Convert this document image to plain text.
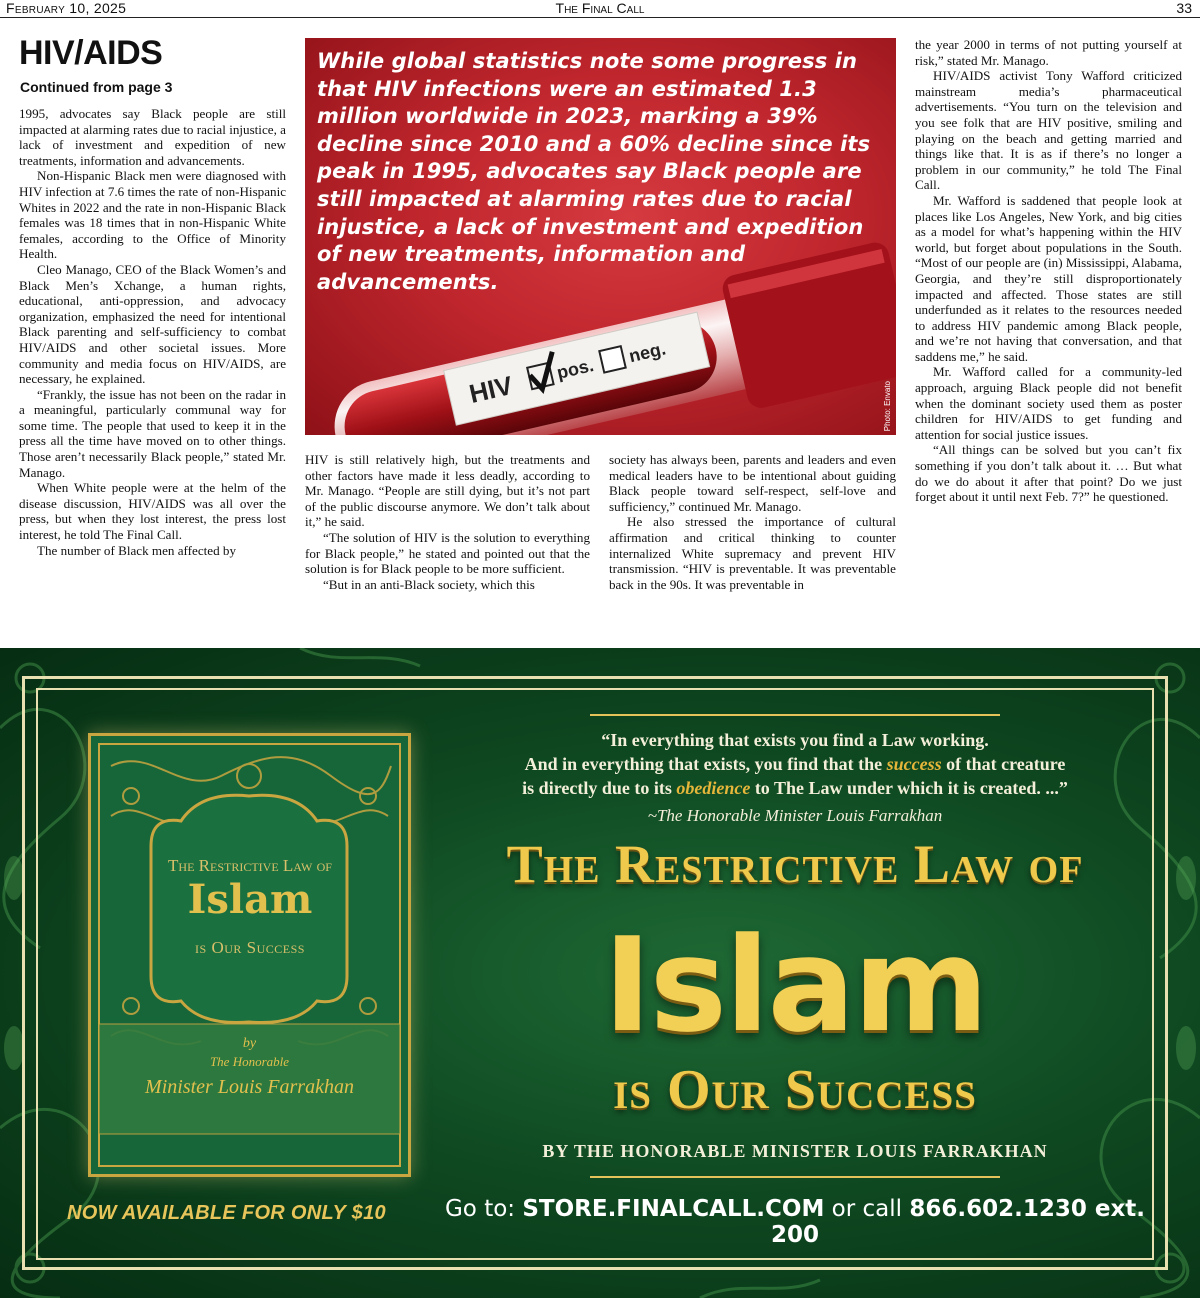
February 10, 2025	The Final Call	33
HIV/AIDS
Continued from page 3

1995, advocates say Black people are still impacted at alarming rates due to racial injustice, a lack of investment and expedition of new treatments, information and advancements.

Non-Hispanic Black men were diagnosed with HIV infection at 7.6 times the rate of non-Hispanic Whites in 2022 and the rate in non-Hispanic Black females was 18 times that in non-Hispanic White females, according to the Office of Minority Health.

Cleo Manago, CEO of the Black Women’s and Black Men’s Xchange, a human rights, educational, anti-oppression, and advocacy organization, emphasized the need for intentional Black parenting and self-sufficiency to combat HIV/AIDS and other societal issues. More community and media focus on HIV/AIDS, are necessary, he explained.

“Frankly, the issue has not been on the radar in a meaningful, particularly communal way for some time. The people that used to keep it in the press all the time have moved on to other things. Those aren’t necessarily Black people,” stated Mr. Manago.

When White people were at the helm of the disease discussion, HIV/AIDS was all over the press, but when they lost interest, the press lost interest, he told The Final Call.

The number of Black men affected by

HIV
pos.
neg.
While global statistics note some progress in that HIV infections were an estimated 1.3 million worldwide in 2023, marking a 39% decline since 2010 and a 60% decline since its peak in 1995, advocates say Black people are still impacted at alarming rates due to racial injustice, a lack of investment and expedition of new treatments, information and advancements.
Photo: Envato

HIV is still relatively high, but the treatments and other factors have made it less deadly, according to Mr. Manago. “People are still dying, but it’s not part of the public discourse anymore. We don’t talk about it,” he said.

“The solution of HIV is the solution to everything for Black people,” he stated and pointed out that the solution is for Black people to be more sufficient.

“But in an anti-Black society, which this

society has always been, parents and leaders and even medical leaders have to be intentional about guiding Black people toward self-respect, self-love and sufficiency,” continued Mr. Manago.

He also stressed the importance of cultural affirmation and critical thinking to counter internalized White supremacy and prevent HIV transmission. “HIV is preventable. It was preventable back in the 90s. It was preventable in

the year 2000 in terms of not putting yourself at risk,” stated Mr. Manago.

HIV/AIDS activist Tony Wafford criticized mainstream media’s pharmaceutical advertisements. “You turn on the television and you see folk that are HIV positive, smiling and playing on the beach and getting married and things like that. It is as if there’s no longer a problem in our community,” he told The Final Call.

Mr. Wafford is saddened that people look at places like Los Angeles, New York, and big cities as a model for what’s happening within the HIV world, but forget about populations in the South. “Most of our people are (in) Mississippi, Alabama, Georgia, and they’re still disproportionately impacted and affected. Those states are still underfunded as it relates to the resources needed to address HIV pandemic among Black people, and we’re not having that conversation, and that saddens me,” he said.

Mr. Wafford called for a community-led approach, arguing Black people did not benefit when the dominant society used them as poster children for HIV/AIDS to get funding and attention for social justice issues.

“All things can be solved but you can’t fix something if you don’t talk about it. … But what do we do about it after that point? Do we just forget about it until next Feb. 7?” he questioned.

The Restrictive Law of
Islam
is Our Success
by
The Honorable
Minister Louis Farrakhan
NOW AVAILABLE FOR ONLY $10
“In everything that exists you find a Law working.
And in everything that exists, you find that the success of that creature
is directly due to its obedience to The Law under which it is created. ...”
~The Honorable Minister Louis Farrakhan
The Restrictive Law of
Islam
is Our Success
BY THE HONORABLE MINISTER LOUIS FARRAKHAN
Go to: STORE.FINALCALL.COM or call 866.602.1230 ext. 200
